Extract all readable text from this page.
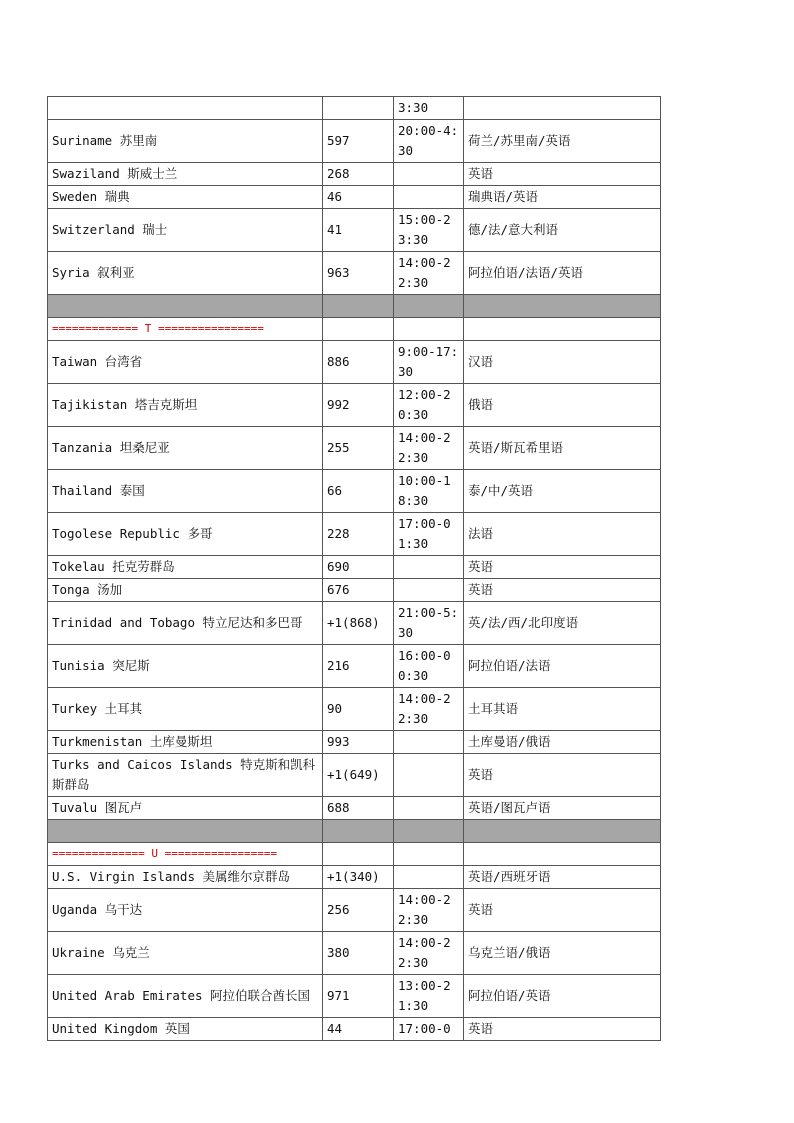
		3:30	
Suriname 苏里南	597	20:00-4:30	荷兰/苏里南/英语
Swaziland 斯威士兰	268		英语
Sweden 瑞典	46		瑞典语/英语
Switzerland 瑞士	41	15:00-23:30	德/法/意大利语
Syria 叙利亚	963	14:00-22:30	阿拉伯语/法语/英语

============= T ================			
Taiwan 台湾省	886	9:00-17:30	汉语
Tajikistan 塔吉克斯坦	992	12:00-20:30	俄语
Tanzania 坦桑尼亚	255	14:00-22:30	英语/斯瓦希里语
Thailand 泰国	66	10:00-18:30	泰/中/英语
Togolese Republic 多哥	228	17:00-01:30	法语
Tokelau 托克劳群岛	690		英语
Tonga 汤加	676		英语
Trinidad and Tobago 特立尼达和多巴哥	+1(868)	21:00-5:30	英/法/西/北印度语
Tunisia 突尼斯	216	16:00-00:30	阿拉伯语/法语
Turkey 土耳其	90	14:00-22:30	土耳其语
Turkmenistan 土库曼斯坦	993		土库曼语/俄语
Turks and Caicos Islands 特克斯和凯科斯群岛	+1(649)		英语
Tuvalu 图瓦卢	688		英语/图瓦卢语

============== U =================			
U.S. Virgin Islands 美属维尔京群岛	+1(340)		英语/西班牙语
Uganda 乌干达	256	14:00-22:30	英语
Ukraine 乌克兰	380	14:00-22:30	乌克兰语/俄语
United Arab Emirates 阿拉伯联合酋长国	971	13:00-21:30	阿拉伯语/英语
United Kingdom 英国	44	17:00-0	英语
